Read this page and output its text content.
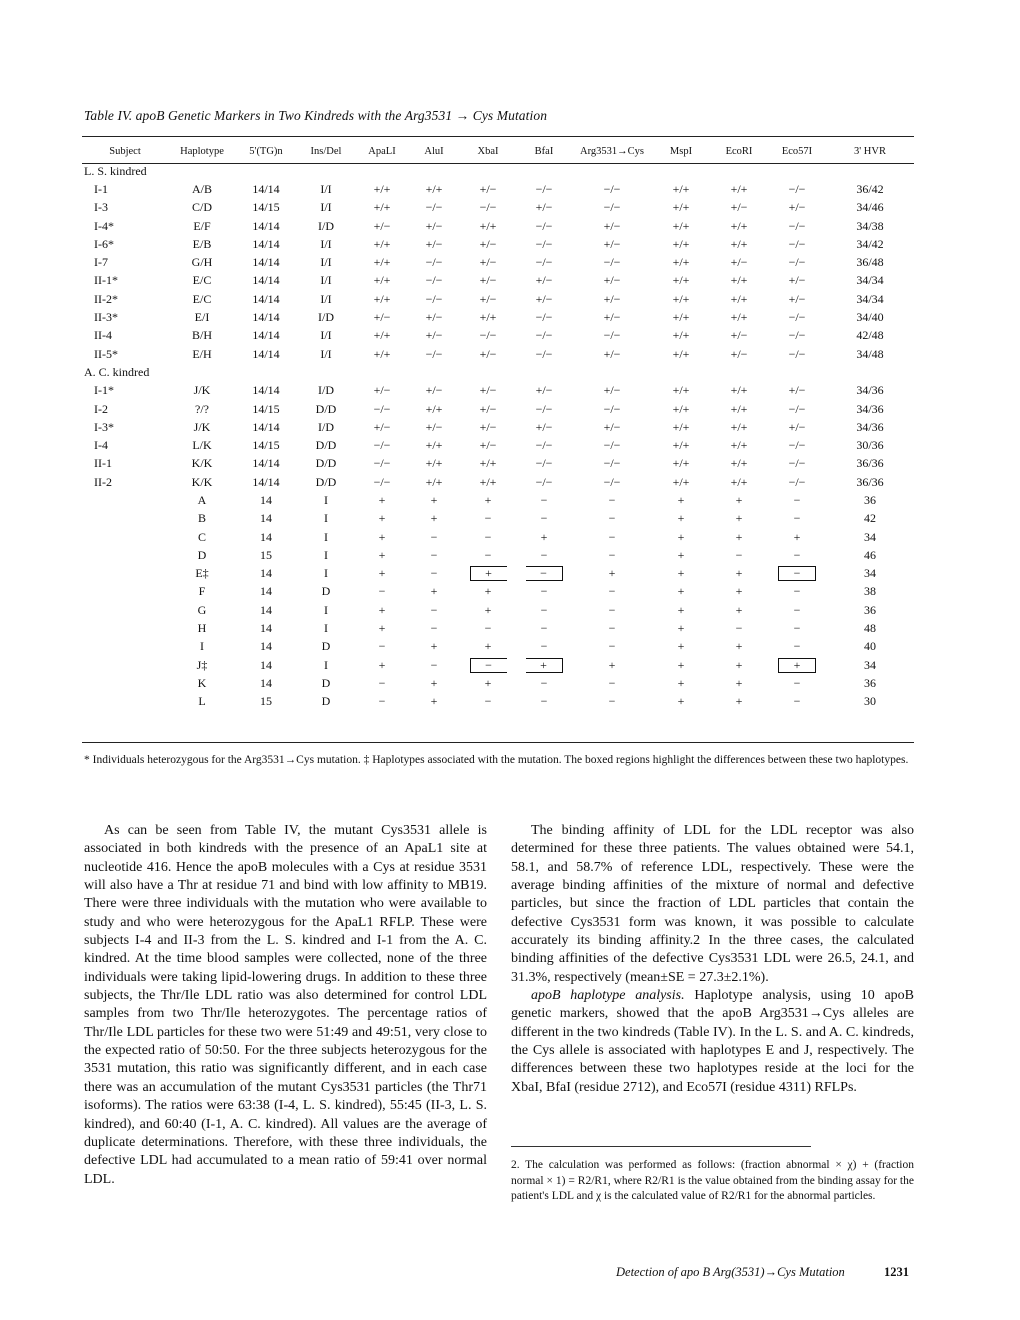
Table IV. apoB Genetic Markers in Two Kindreds with the Arg3531 → Cys Mutation
Subject	Haplotype	5'(TG)n	Ins/Del	ApaLI	AluI	XbaI	BfaI	Arg3531→Cys	MspI	EcoRI	Eco57I	3' HVR
L. S. kindred												
I-1	A/B	14/14	I/I	+/+	+/+	+/−	−/−	−/−	+/+	+/+	−/−	36/42
I-3	C/D	14/15	I/I	+/+	−/−	−/−	+/−	−/−	+/+	+/−	+/−	34/46
I-4*	E/F	14/14	I/D	+/−	+/−	+/+	−/−	+/−	+/+	+/+	−/−	34/38
I-6*	E/B	14/14	I/I	+/+	+/−	+/−	−/−	+/−	+/+	+/+	−/−	34/42
I-7	G/H	14/14	I/I	+/+	−/−	+/−	−/−	−/−	+/+	+/−	−/−	36/48
II-1*	E/C	14/14	I/I	+/+	−/−	+/−	+/−	+/−	+/+	+/+	+/−	34/34
II-2*	E/C	14/14	I/I	+/+	−/−	+/−	+/−	+/−	+/+	+/+	+/−	34/34
II-3*	E/I	14/14	I/D	+/−	+/−	+/+	−/−	+/−	+/+	+/+	−/−	34/40
II-4	B/H	14/14	I/I	+/+	+/−	−/−	−/−	−/−	+/+	+/−	−/−	42/48
II-5*	E/H	14/14	I/I	+/+	−/−	+/−	−/−	+/−	+/+	+/−	−/−	34/48
A. C. kindred												
I-1*	J/K	14/14	I/D	+/−	+/−	+/−	+/−	+/−	+/+	+/+	+/−	34/36
I-2	?/?	14/15	D/D	−/−	+/+	+/−	−/−	−/−	+/+	+/+	−/−	34/36
I-3*	J/K	14/14	I/D	+/−	+/−	+/−	+/−	+/−	+/+	+/+	+/−	34/36
I-4	L/K	14/15	D/D	−/−	+/+	+/−	−/−	−/−	+/+	+/+	−/−	30/36
II-1	K/K	14/14	D/D	−/−	+/+	+/+	−/−	−/−	+/+	+/+	−/−	36/36
II-2	K/K	14/14	D/D	−/−	+/+	+/+	−/−	−/−	+/+	+/+	−/−	36/36
	A	14	I	+	+	+	−	−	+	+	−	36
	B	14	I	+	+	−	−	−	+	+	−	42
	C	14	I	+	−	−	+	−	+	+	+	34
	D	15	I	+	−	−	−	−	+	−	−	46
	E‡	14	I	+	−	+	−	+	+	+	−	34
	F	14	D	−	+	+	−	−	+	+	−	38
	G	14	I	+	−	+	−	−	+	+	−	36
	H	14	I	+	−	−	−	−	+	−	−	48
	I	14	D	−	+	+	−	−	+	+	−	40
	J‡	14	I	+	−	−	+	+	+	+	+	34
	K	14	D	−	+	+	−	−	+	+	−	36
	L	15	D	−	+	−	−	−	+	+	−	30
* Individuals heterozygous for the Arg3531→Cys mutation. ‡ Haplotypes associated with the mutation. The boxed regions highlight the differences between these two haplotypes.

As can be seen from Table IV, the mutant Cys3531 allele is associated in both kindreds with the presence of an ApaL1 site at nucleotide 416. Hence the apoB molecules with a Cys at residue 3531 will also have a Thr at residue 71 and bind with low affinity to MB19. There were three individuals with the mutation who were available to study and who were heterozygous for the ApaL1 RFLP. These were subjects I-4 and II-3 from the L. S. kindred and I-1 from the A. C. kindred. At the time blood samples were collected, none of the three individuals were taking lipid-lowering drugs. In addition to these three subjects, the Thr/Ile LDL ratio was also determined for control LDL samples from two Thr/Ile heterozygotes. The percentage ratios of Thr/Ile LDL particles for these two were 51:49 and 49:51, very close to the expected ratio of 50:50. For the three subjects heterozygous for the 3531 mutation, this ratio was significantly different, and in each case there was an accumulation of the mutant Cys3531 particles (the Thr71 isoforms). The ratios were 63:38 (I-4, L. S. kindred), 55:45 (II-3, L. S. kindred), and 60:40 (I-1, A. C. kindred). All values are the average of duplicate determinations. Therefore, with these three individuals, the defective LDL had accumulated to a mean ratio of 59:41 over normal LDL.

The binding affinity of LDL for the LDL receptor was also determined for these three patients. The values obtained were 54.1, 58.1, and 58.7% of reference LDL, respectively. These were the average binding affinities of the mixture of normal and defective particles, but since the fraction of LDL particles that contain the defective Cys3531 form was known, it was possible to calculate accurately its binding affinity.2 In the three cases, the calculated binding affinities of the defective Cys3531 LDL were 26.5, 24.1, and 31.3%, respectively (mean±SE = 27.3±2.1%).

apoB haplotype analysis. Haplotype analysis, using 10 apoB genetic markers, showed that the apoB Arg3531→Cys alleles are different in the two kindreds (Table IV). In the L. S. and A. C. kindreds, the Cys allele is associated with haplotypes E and J, respectively. The differences between these two haplotypes reside at the loci for the XbaI, BfaI (residue 2712), and Eco57I (residue 4311) RFLPs.

2. The calculation was performed as follows: (fraction abnormal × χ) + (fraction normal × 1) = R2/R1, where R2/R1 is the value obtained from the binding assay for the patient's LDL and χ is the calculated value of R2/R1 for the abnormal particles.
Detection of apo B Arg(3531)→Cys Mutation	1231
